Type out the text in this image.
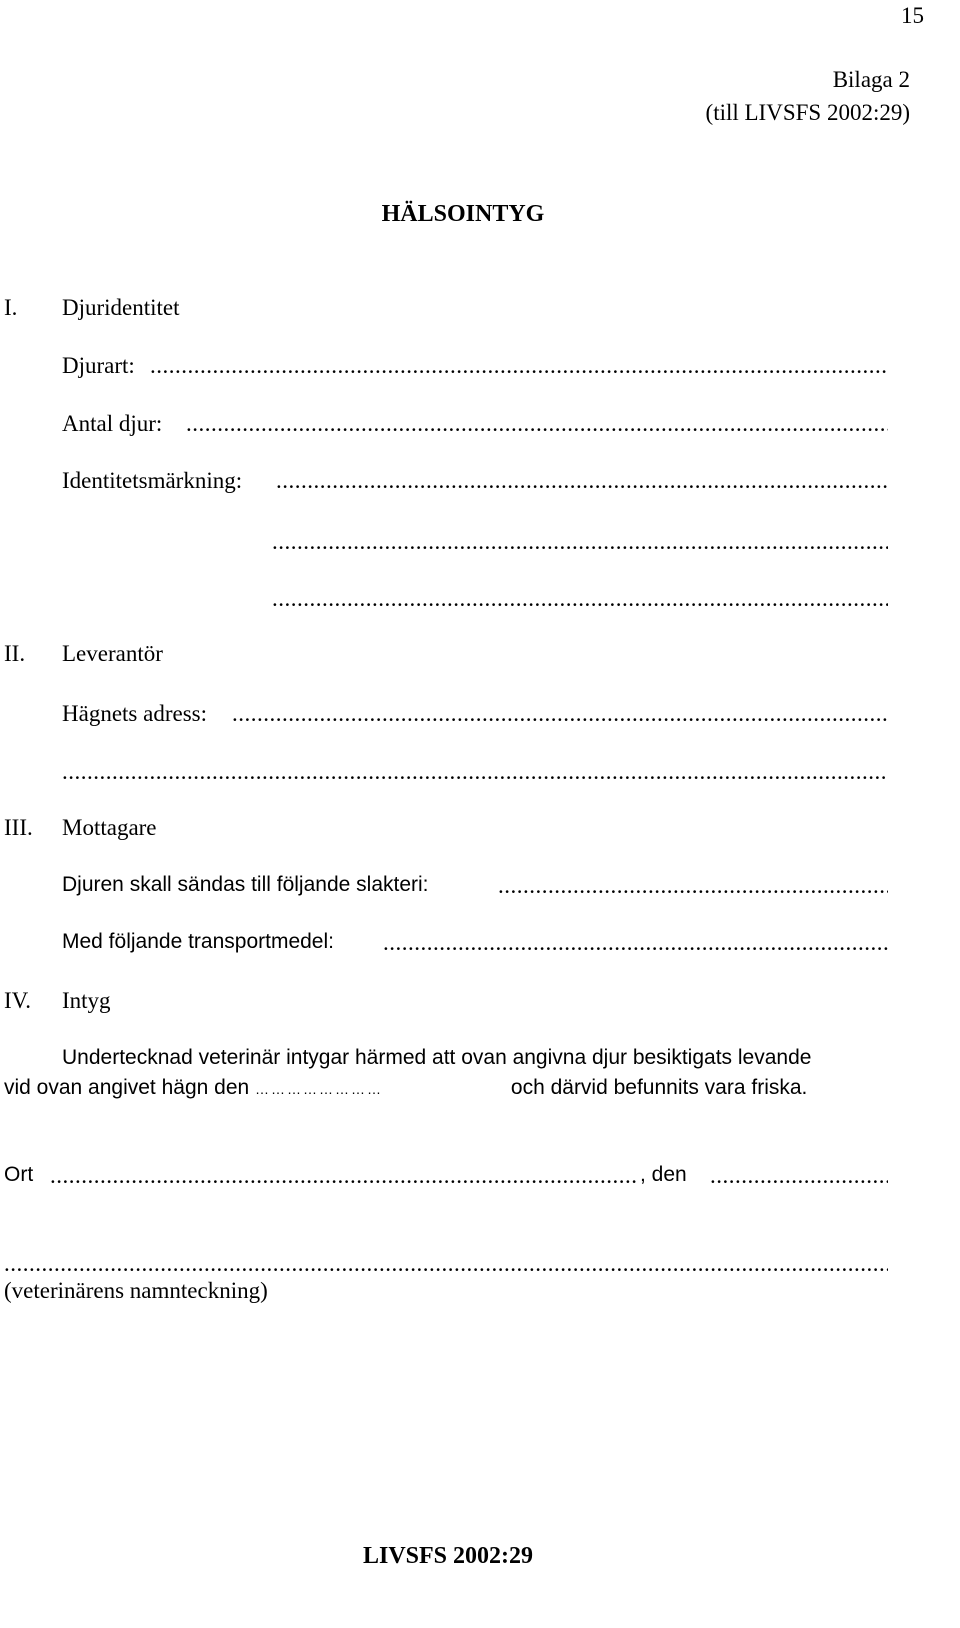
15
Bilaga 2
(till LIVSFS 2002:29)
HÄLSOINTYG
I. Djuridentitet
Djurart:
.....
Antal djur:
.....
Identitetsmärkning:
.....
.....
.....
II. Leverantör
Hägnets adress:
.....
.....
III. Mottagare
Djuren skall sändas till följande slakteri:
.....
Med följande transportmedel:
.....
IV. Intyg
Undertecknad veterinär intygar härmed att ovan angivna djur besiktigats levande
vid ovan angivet hägn den ……………………	och därvid befunnits vara friska.
Ort
.....	, den
.....
.....
(veterinärens namnteckning)
LIVSFS 2002:29
